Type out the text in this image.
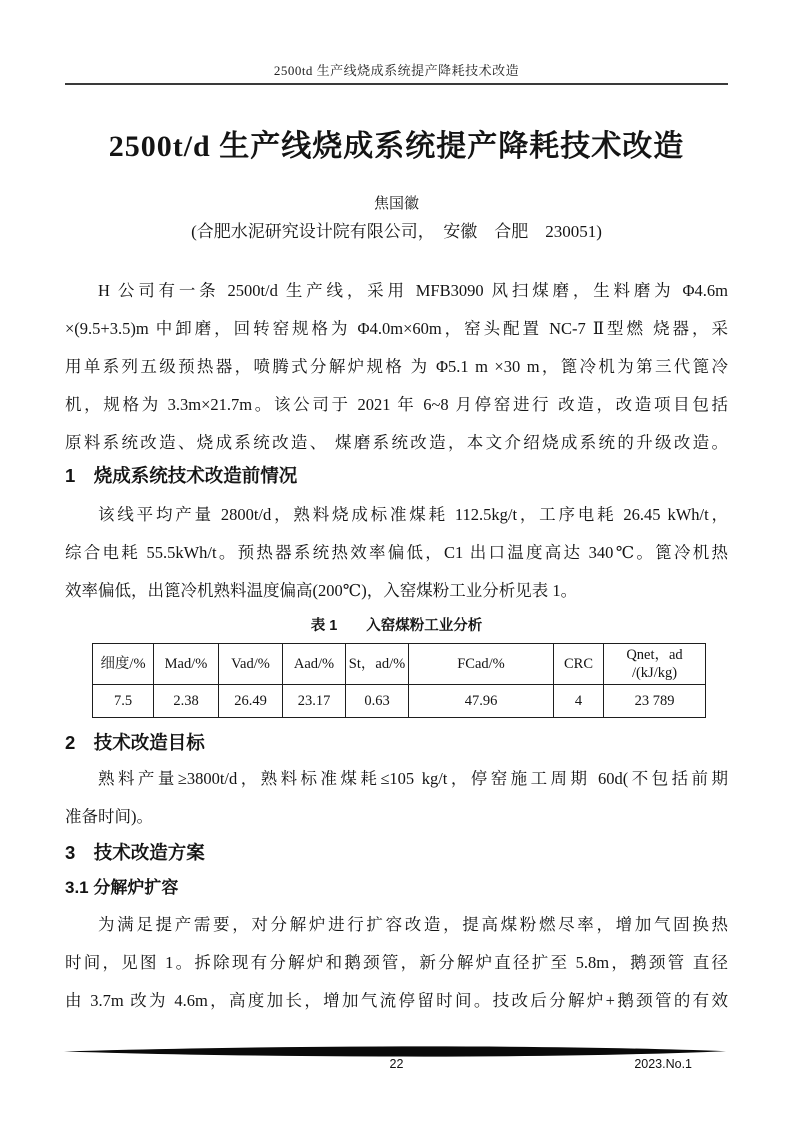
2500td 生产线烧成系统提产降耗技术改造
2500t/d 生产线烧成系统提产降耗技术改造
焦国徽
(合肥水泥研究设计院有限公司，　安徽　合肥　230051)
H 公司有一条 2500t/d 生产线，采用 MFB3090 风扫煤磨，生料磨为 Φ4.6m
×(9.5+3.5)m 中卸磨，回转窑规格为 Φ4.0m×60m，窑头配置 NC-7 Ⅱ型燃 烧器，采
用单系列五级预热器，喷腾式分解炉规格 为 Φ5.1 m ×30 m，篦冷机为第三代篦冷
机，规格为 3.3m×21.7m。该公司于 2021 年 6~8 月停窑进行 改造，改造项目包括
原料系统改造、烧成系统改造、 煤磨系统改造，本文介绍烧成系统的升级改造。
1　烧成系统技术改造前情况
该线平均产量 2800t/d，熟料烧成标准煤耗 112.5kg/t，工序电耗 26.45 kWh/t，
综合电耗 55.5kWh/t。预热器系统热效率偏低，C1 出口温度高达 340℃。篦冷机热
效率偏低，出篦冷机熟料温度偏高(200℃)，入窑煤粉工业分析见表 1。
表 1　　入窑煤粉工业分析
细度/%	Mad/%	Vad/%	Aad/%	St，ad/%	FCad/%	CRC	Qnet，ad
/(kJ/kg)

7.5	2.38	26.49	23.17	0.63	47.96	4	23 789
2　技术改造目标
熟料产量≥3800t/d，熟料标准煤耗≤105 kg/t，停窑施工周期 60d(不包括前期
准备时间)。
3　技术改造方案
3.1 分解炉扩容
为满足提产需要，对分解炉进行扩容改造，提高煤粉燃尽率，增加气固换热
时间，见图 1。拆除现有分解炉和鹅颈管，新分解炉直径扩至 5.8m，鹅颈管 直径
由 3.7m 改为 4.6m，高度加长，增加气流停留时间。技改后分解炉+鹅颈管的有效
22	2023.No.1
